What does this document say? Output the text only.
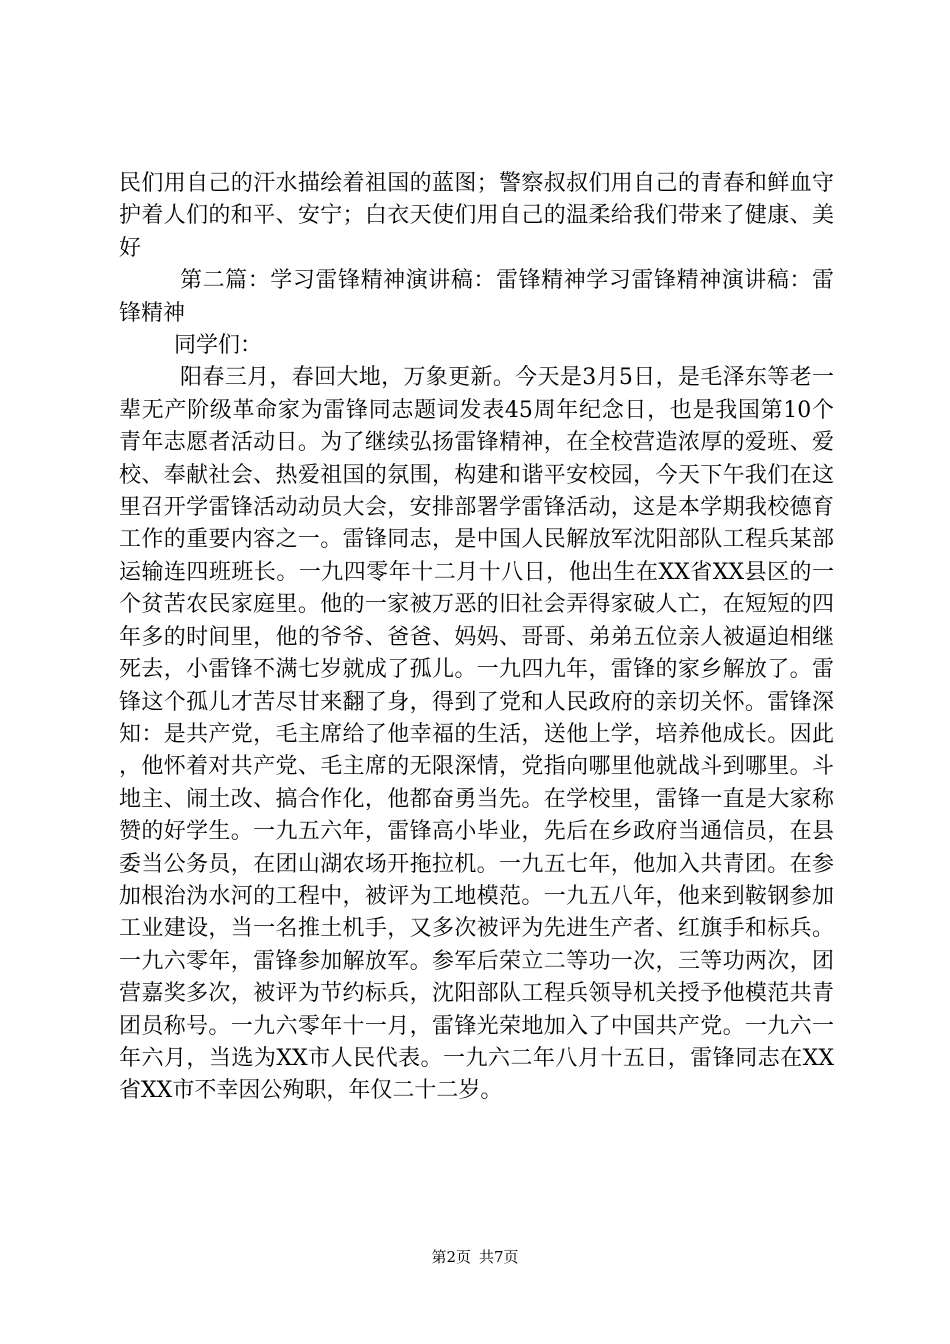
民们用自己的汗水描绘着祖国的蓝图；警察叔叔们用自己的青春和鲜血守护着人们的和平、安宁；白衣天使们用自己的温柔给我们带来了健康、美好

第二篇：学习雷锋精神演讲稿：雷锋精神学习雷锋精神演讲稿：雷锋精神

同学们：

阳春三月，春回大地，万象更新。今天是3月5日，是毛泽东等老一辈无产阶级革命家为雷锋同志题词发表45周年纪念日，也是我国第10个青年志愿者活动日。为了继续弘扬雷锋精神，在全校营造浓厚的爱班、爱校、奉献社会、热爱祖国的氛围，构建和谐平安校园，今天下午我们在这里召开学雷锋活动动员大会，安排部署学雷锋活动，这是本学期我校德育工作的重要内容之一。雷锋同志，是中国人民解放军沈阳部队工程兵某部运输连四班班长。一九四零年十二月十八日，他出生在XX省XX县区的一个贫苦农民家庭里。他的一家被万恶的旧社会弄得家破人亡，在短短的四年多的时间里，他的爷爷、爸爸、妈妈、哥哥、弟弟五位亲人被逼迫相继死去，小雷锋不满七岁就成了孤儿。一九四九年，雷锋的家乡解放了。雷锋这个孤儿才苦尽甘来翻了身，得到了党和人民政府的亲切关怀。雷锋深知：是共产党，毛主席给了他幸福的生活，送他上学，培养他成长。因此，他怀着对共产党、毛主席的无限深情，党指向哪里他就战斗到哪里。斗地主、闹土改、搞合作化，他都奋勇当先。在学校里，雷锋一直是大家称赞的好学生。一九五六年，雷锋高小毕业，先后在乡政府当通信员，在县委当公务员，在团山湖农场开拖拉机。一九五七年，他加入共青团。在参加根治沩水河的工程中，被评为工地模范。一九五八年，他来到鞍钢参加工业建设，当一名推土机手，又多次被评为先进生产者、红旗手和标兵。一九六零年，雷锋参加解放军。参军后荣立二等功一次，三等功两次，团营嘉奖多次，被评为节约标兵，沈阳部队工程兵领导机关授予他模范共青团员称号。一九六零年十一月，雷锋光荣地加入了中国共产党。一九六一年六月，当选为XX市人民代表。一九六二年八月十五日，雷锋同志在XX省XX市不幸因公殉职，年仅二十二岁。

第2页 共7页
